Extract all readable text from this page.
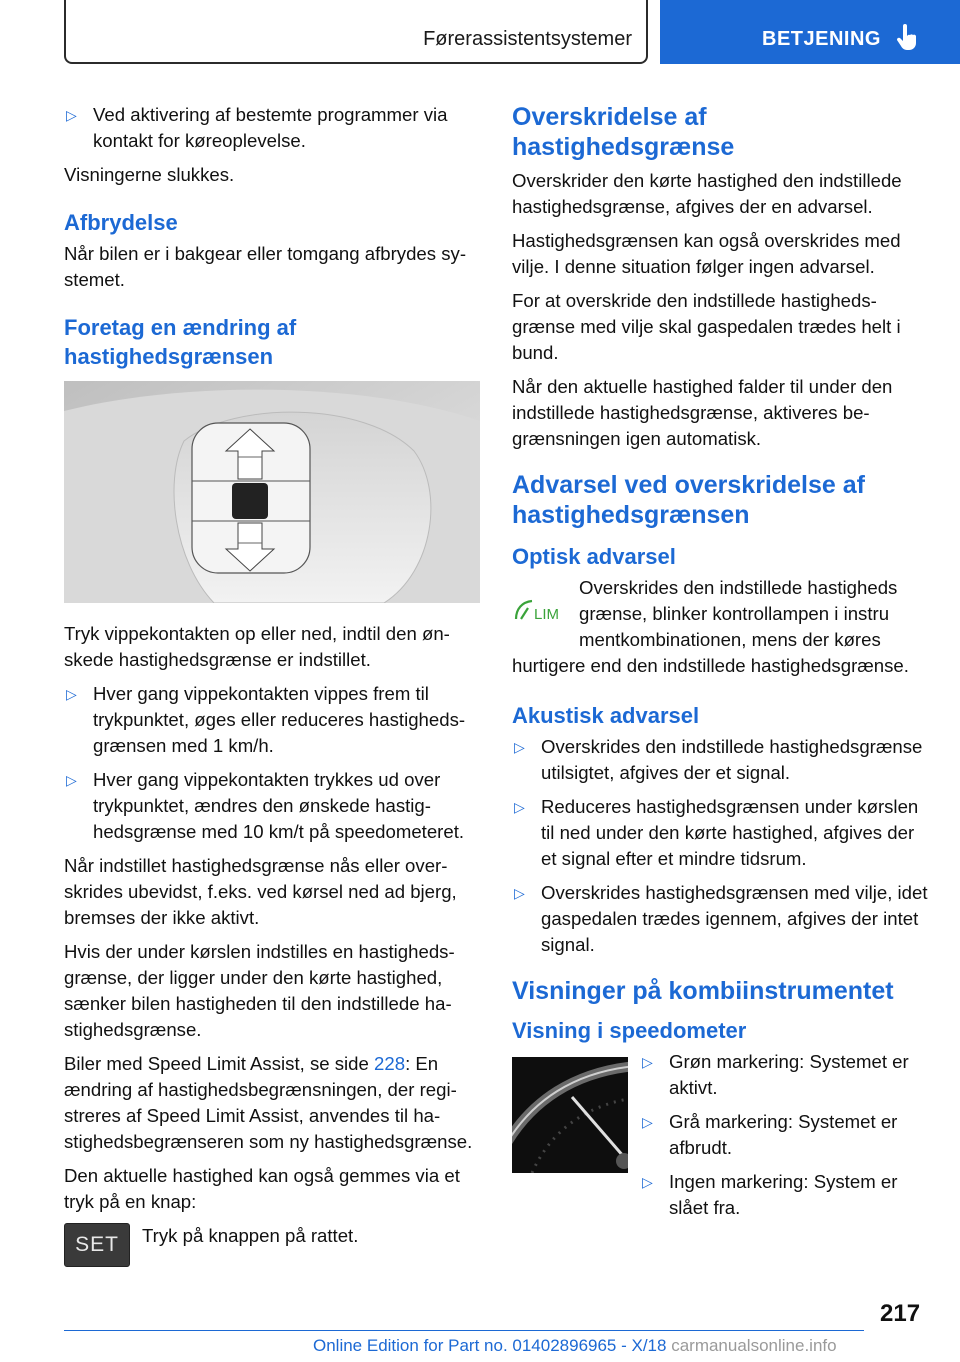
Førerassistentsystemer	BETJENING
▷ Ved aktivering af bestemte programmer via kontakt for køreoplevelse.

Visningerne slukkes.

Afbrydelse

Når bilen er i bakgear eller tomgang afbrydes systemet.

Foretag en ændring af hastighedsgrænsen

Tryk vippekontakten op eller ned, indtil den ønskede hastighedsgrænse er indstillet.

▷ Hver gang vippekontakten vippes frem til trykpunktet, øges eller reduceres hastighedsgrænsen med 1 km/h.
▷ Hver gang vippekontakten trykkes ud over trykpunktet, ændres den ønskede hastighedsgrænse med 10 km/t på speedometeret.

Når indstillet hastighedsgrænse nås eller overskrides ubevidst, f.eks. ved kørsel ned ad bjerg, bremses der ikke aktivt.

Hvis der under kørslen indstilles en hastighedsgrænse, der ligger under den kørte hastighed, sænker bilen hastigheden til den indstillede hastighedsgrænse.

Biler med Speed Limit Assist, se side 228: En ændring af hastighedsbegrænsningen, der registreres af Speed Limit Assist, anvendes til hastighedsbegrænseren som ny hastighedsgrænse.

Den aktuelle hastighed kan også gemmes via et tryk på en knap:

SET	Tryk på knappen på rattet.
Overskridelse af hastighedsgrænse

Overskrider den kørte hastighed den indstillede hastighedsgrænse, afgives der en advarsel.

Hastighedsgrænsen kan også overskrides med vilje. I denne situation følger ingen advarsel.

For at overskride den indstillede hastighedsgrænse med vilje skal gaspedalen trædes helt i bund.

Når den aktuelle hastighed falder til under den indstillede hastighedsgrænse, aktiveres begrænsningen igen automatisk.

Advarsel ved overskridelse af hastighedsgrænsen
Optisk advarsel
LIM

Overskrides den indstillede hastigheds
grænse, blinker kontrollampen i instru
mentkombinationen, mens der køres
hurtigere end den indstillede hastighedsgrænse.

Akustisk advarsel
▷ Overskrides den indstillede hastighedsgrænse utilsigtet, afgives der et signal.
▷ Reduceres hastighedsgrænsen under kørslen til ned under den kørte hastighed, afgives der et signal efter et mindre tidsrum.
▷ Overskrides hastighedsgrænsen med vilje, idet gaspedalen trædes igennem, afgives der intet signal.
Visninger på kombiinstrumentet
Visning i speedometer
▷ Grøn markering: Systemet er aktivt.
▷ Grå markering: Systemet er afbrudt.
▷ Ingen markering: System er slået fra.
217
Online Edition for Part no. 01402896965 - X/18 carmanualsonline.info
